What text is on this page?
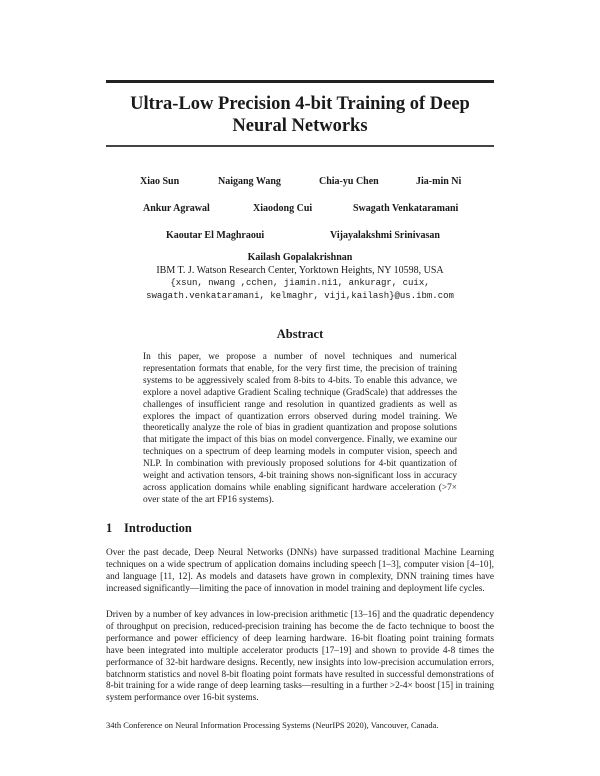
Ultra-Low Precision 4-bit Training of Deep Neural Networks
Xiao Sun	Naigang Wang	Chia-yu Chen	Jia-min Ni
Ankur Agrawal	Xiaodong Cui	Swagath Venkataramani
Kaoutar El Maghraoui	Vijayalakshmi Srinivasan
Kailash Gopalakrishnan
IBM T. J. Watson Research Center, Yorktown Heights, NY 10598, USA
{xsun, nwang ,cchen, jiamin.ni1, ankuragr, cuix,
swagath.venkataramani, kelmaghr, viji,kailash}@us.ibm.com
Abstract
In this paper, we propose a number of novel techniques and numerical representation formats that enable, for the very first time, the precision of training systems to be aggressively scaled from 8-bits to 4-bits. To enable this advance, we explore a novel adaptive Gradient Scaling technique (GradScale) that addresses the challenges of insufficient range and resolution in quantized gradients as well as explores the impact of quantization errors observed during model training. We theoretically analyze the role of bias in gradient quantization and propose solutions that mitigate the impact of this bias on model convergence. Finally, we examine our techniques on a spectrum of deep learning models in computer vision, speech and NLP. In combination with previously proposed solutions for 4-bit quantization of weight and activation tensors, 4-bit training shows non-significant loss in accuracy across application domains while enabling significant hardware acceleration (>7× over state of the art FP16 systems).
1 Introduction
Over the past decade, Deep Neural Networks (DNNs) have surpassed traditional Machine Learning techniques on a wide spectrum of application domains including speech [1–3], computer vision [4–10], and language [11, 12]. As models and datasets have grown in complexity, DNN training times have increased significantly—limiting the pace of innovation in model training and deployment life cycles.
Driven by a number of key advances in low-precision arithmetic [13–16] and the quadratic dependency of throughput on precision, reduced-precision training has become the de facto technique to boost the performance and power efficiency of deep learning hardware. 16-bit floating point training formats have been integrated into multiple accelerator products [17–19] and shown to provide 4-8 times the performance of 32-bit hardware designs. Recently, new insights into low-precision accumulation errors, batchnorm statistics and novel 8-bit floating point formats have resulted in successful demonstrations of 8-bit training for a wide range of deep learning tasks—resulting in a further >2-4× boost [15] in training system performance over 16-bit systems.
34th Conference on Neural Information Processing Systems (NeurIPS 2020), Vancouver, Canada.
